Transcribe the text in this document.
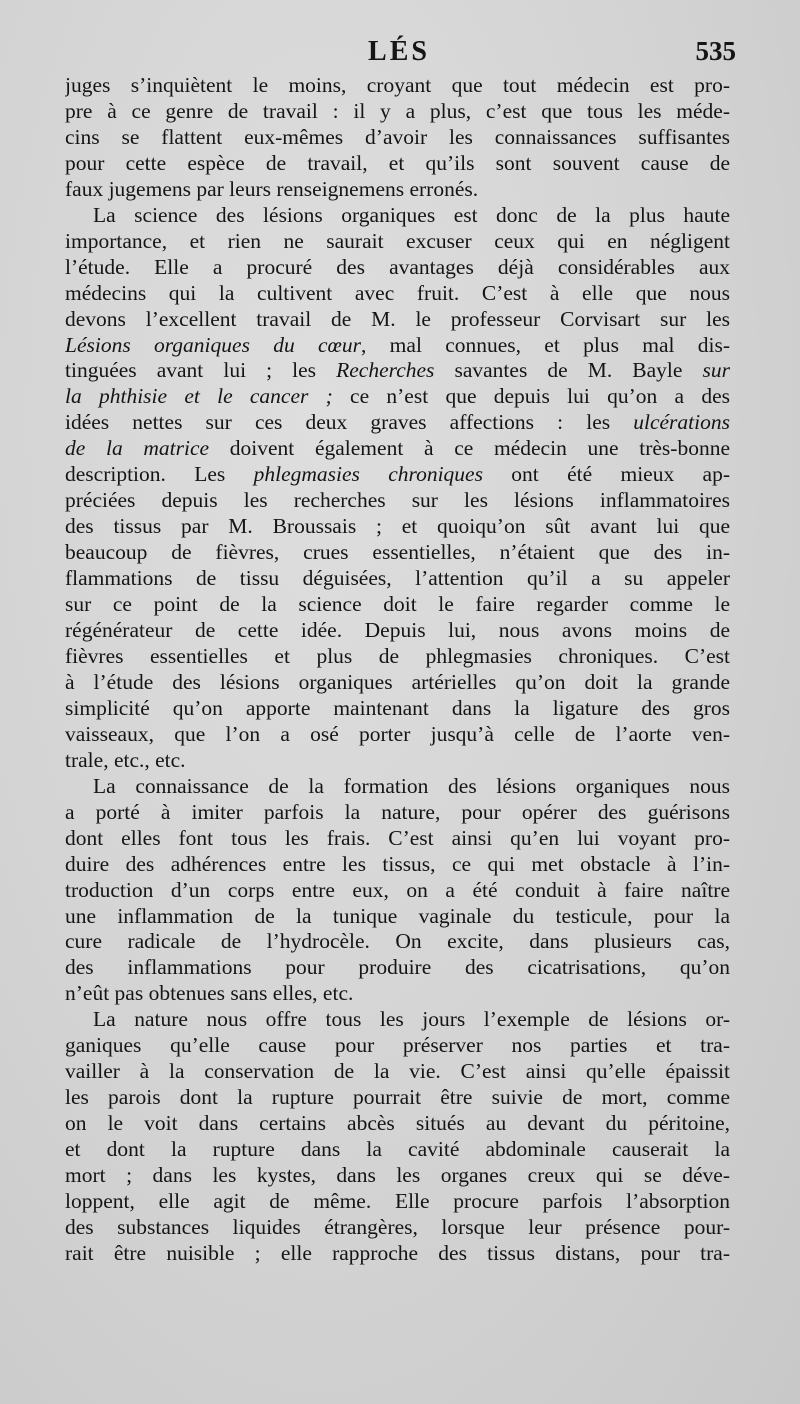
LÉS	535

juges s’inquiètent le moins, croyant que tout médecin est pro-
pre à ce genre de travail : il y a plus, c’est que tous les méde-
cins se flattent eux-mêmes d’avoir les connaissances suffisantes
pour cette espèce de travail, et qu’ils sont souvent cause de
faux jugemens par leurs renseignemens erronés.

La science des lésions organiques est donc de la plus haute
importance, et rien ne saurait excuser ceux qui en négligent
l’étude. Elle a procuré des avantages déjà considérables aux
médecins qui la cultivent avec fruit. C’est à elle que nous
devons l’excellent travail de M. le professeur Corvisart sur les
Lésions organiques du cœur, mal connues, et plus mal dis-
tinguées avant lui ; les Recherches savantes de M. Bayle sur
la phthisie et le cancer ; ce n’est que depuis lui qu’on a des
idées nettes sur ces deux graves affections : les ulcérations
de la matrice doivent également à ce médecin une très-bonne
description. Les phlegmasies chroniques ont été mieux ap-
préciées depuis les recherches sur les lésions inflammatoires
des tissus par M. Broussais ; et quoiqu’on sût avant lui que
beaucoup de fièvres, crues essentielles, n’étaient que des in-
flammations de tissu déguisées, l’attention qu’il a su appeler
sur ce point de la science doit le faire regarder comme le
régénérateur de cette idée. Depuis lui, nous avons moins de
fièvres essentielles et plus de phlegmasies chroniques. C’est
à l’étude des lésions organiques artérielles qu’on doit la grande
simplicité qu’on apporte maintenant dans la ligature des gros
vaisseaux, que l’on a osé porter jusqu’à celle de l’aorte ven-
trale, etc., etc.

La connaissance de la formation des lésions organiques nous
a porté à imiter parfois la nature, pour opérer des guérisons
dont elles font tous les frais. C’est ainsi qu’en lui voyant pro-
duire des adhérences entre les tissus, ce qui met obstacle à l’in-
troduction d’un corps entre eux, on a été conduit à faire naître
une inflammation de la tunique vaginale du testicule, pour la
cure radicale de l’hydrocèle. On excite, dans plusieurs cas,
des inflammations pour produire des cicatrisations, qu’on
n’eût pas obtenues sans elles, etc.

La nature nous offre tous les jours l’exemple de lésions or-
ganiques qu’elle cause pour préserver nos parties et tra-
vailler à la conservation de la vie. C’est ainsi qu’elle épaissit
les parois dont la rupture pourrait être suivie de mort, comme
on le voit dans certains abcès situés au devant du péritoine,
et dont la rupture dans la cavité abdominale causerait la
mort ; dans les kystes, dans les organes creux qui se déve-
loppent, elle agit de même. Elle procure parfois l’absorption
des substances liquides étrangères, lorsque leur présence pour-
rait être nuisible ; elle rapproche des tissus distans, pour tra-
